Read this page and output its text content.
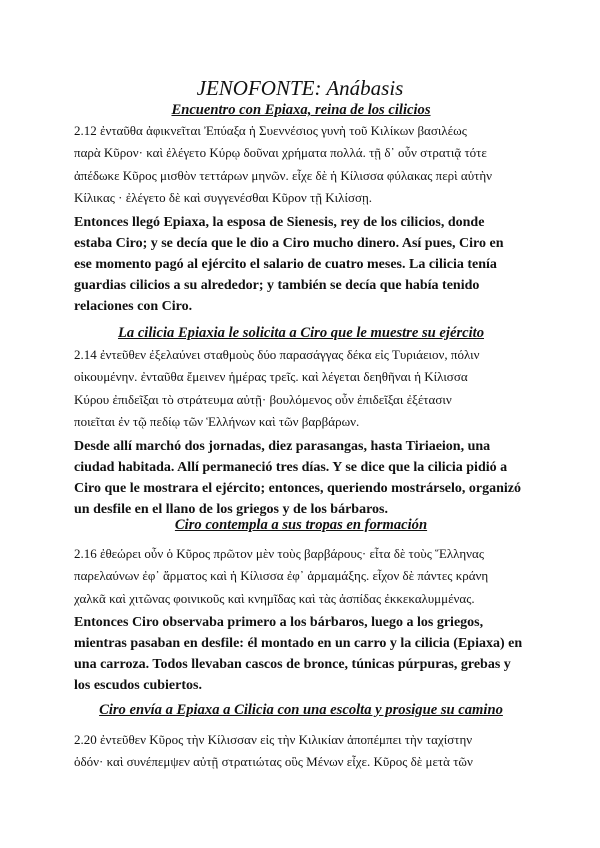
JENOFONTE: Anábasis
Encuentro con Epiaxa, reina de los cilicios

2.12 ἐνταῦθα ἀφικνεῖται Ἐπύαξα ἡ Συεννέσιος γυνὴ τοῦ Κιλίκων βασιλέως
παρὰ Κῦρον· καὶ ἐλέγετο Κύρῳ δοῦναι χρήματα πολλά. τῇ δ᾽ οὖν στρατιᾷ τότε
ἀπέδωκε Κῦρος μισθὸν τεττάρων μηνῶν. εἶχε δὲ ἡ Κίλισσα φύλακας περὶ αὑτὴν
Κίλικας · ἐλέγετο δὲ καὶ συγγενέσθαι Κῦρον τῇ Κιλίσσῃ.

Entonces llegó Epiaxa, la esposa de Sienesis, rey de los cilicios, donde
estaba Ciro; y se decía que le dio a Ciro mucho dinero. Así pues, Ciro en
ese momento pagó al ejército el salario de cuatro meses. La cilicia tenía
guardias cilicios a su alrededor; y también se decía que había tenido
relaciones con Ciro.

La cilicia Epiaxia le solicita a Ciro que le muestre su ejército

2.14 ἐντεῦθεν ἐξελαύνει σταθμοὺς δύο παρασάγγας δέκα εἰς Τυριάειον, πόλιν
οἰκουμένην. ἐνταῦθα ἔμεινεν ἡμέρας τρεῖς. καὶ λέγεται δεηθῆναι ἡ Κίλισσα
Κύρου ἐπιδεῖξαι τὸ στράτευμα αὐτῇ· βουλόμενος οὖν ἐπιδεῖξαι ἐξέτασιν
ποιεῖται ἐν τῷ πεδίῳ τῶν Ἑλλήνων καὶ τῶν βαρβάρων.

Desde allí marchó dos jornadas, diez parasangas, hasta Tiriaeion, una
ciudad habitada. Allí permaneció tres días. Y se dice que la cilicia pidió a
Ciro que le mostrara el ejército; entonces, queriendo mostrárselo, organizó
un desfile en el llano de los griegos y de los bárbaros.

Ciro contempla a sus tropas en formación

2.16 ἐθεώρει οὖν ὁ Κῦρος πρῶτον μὲν τοὺς βαρβάρους· εἶτα δὲ τοὺς Ἕλληνας
παρελαύνων ἐφ᾽ ἅρματος καὶ ἡ Κίλισσα ἐφ᾽ ἁρμαμάξης. εἶχον δὲ πάντες κράνη
χαλκᾶ καὶ χιτῶνας φοινικοῦς καὶ κνημῖδας καὶ τὰς ἀσπίδας ἐκκεκαλυμμένας.

Entonces Ciro observaba primero a los bárbaros, luego a los griegos,
mientras pasaban en desfile: él montado en un carro y la cilicia (Epiaxa) en
una carroza. Todos llevaban cascos de bronce, túnicas púrpuras, grebas y
los escudos cubiertos.

Ciro envía a Epiaxa a Cilicia con una escolta y prosigue su camino

2.20 ἐντεῦθεν Κῦρος τὴν Κίλισσαν εἰς τὴν Κιλικίαν ἀποπέμπει τὴν ταχίστην
ὁδόν· καὶ συνέπεμψεν αὐτῇ στρατιώτας οὓς Μένων εἶχε. Κῦρος δὲ μετὰ τῶν
